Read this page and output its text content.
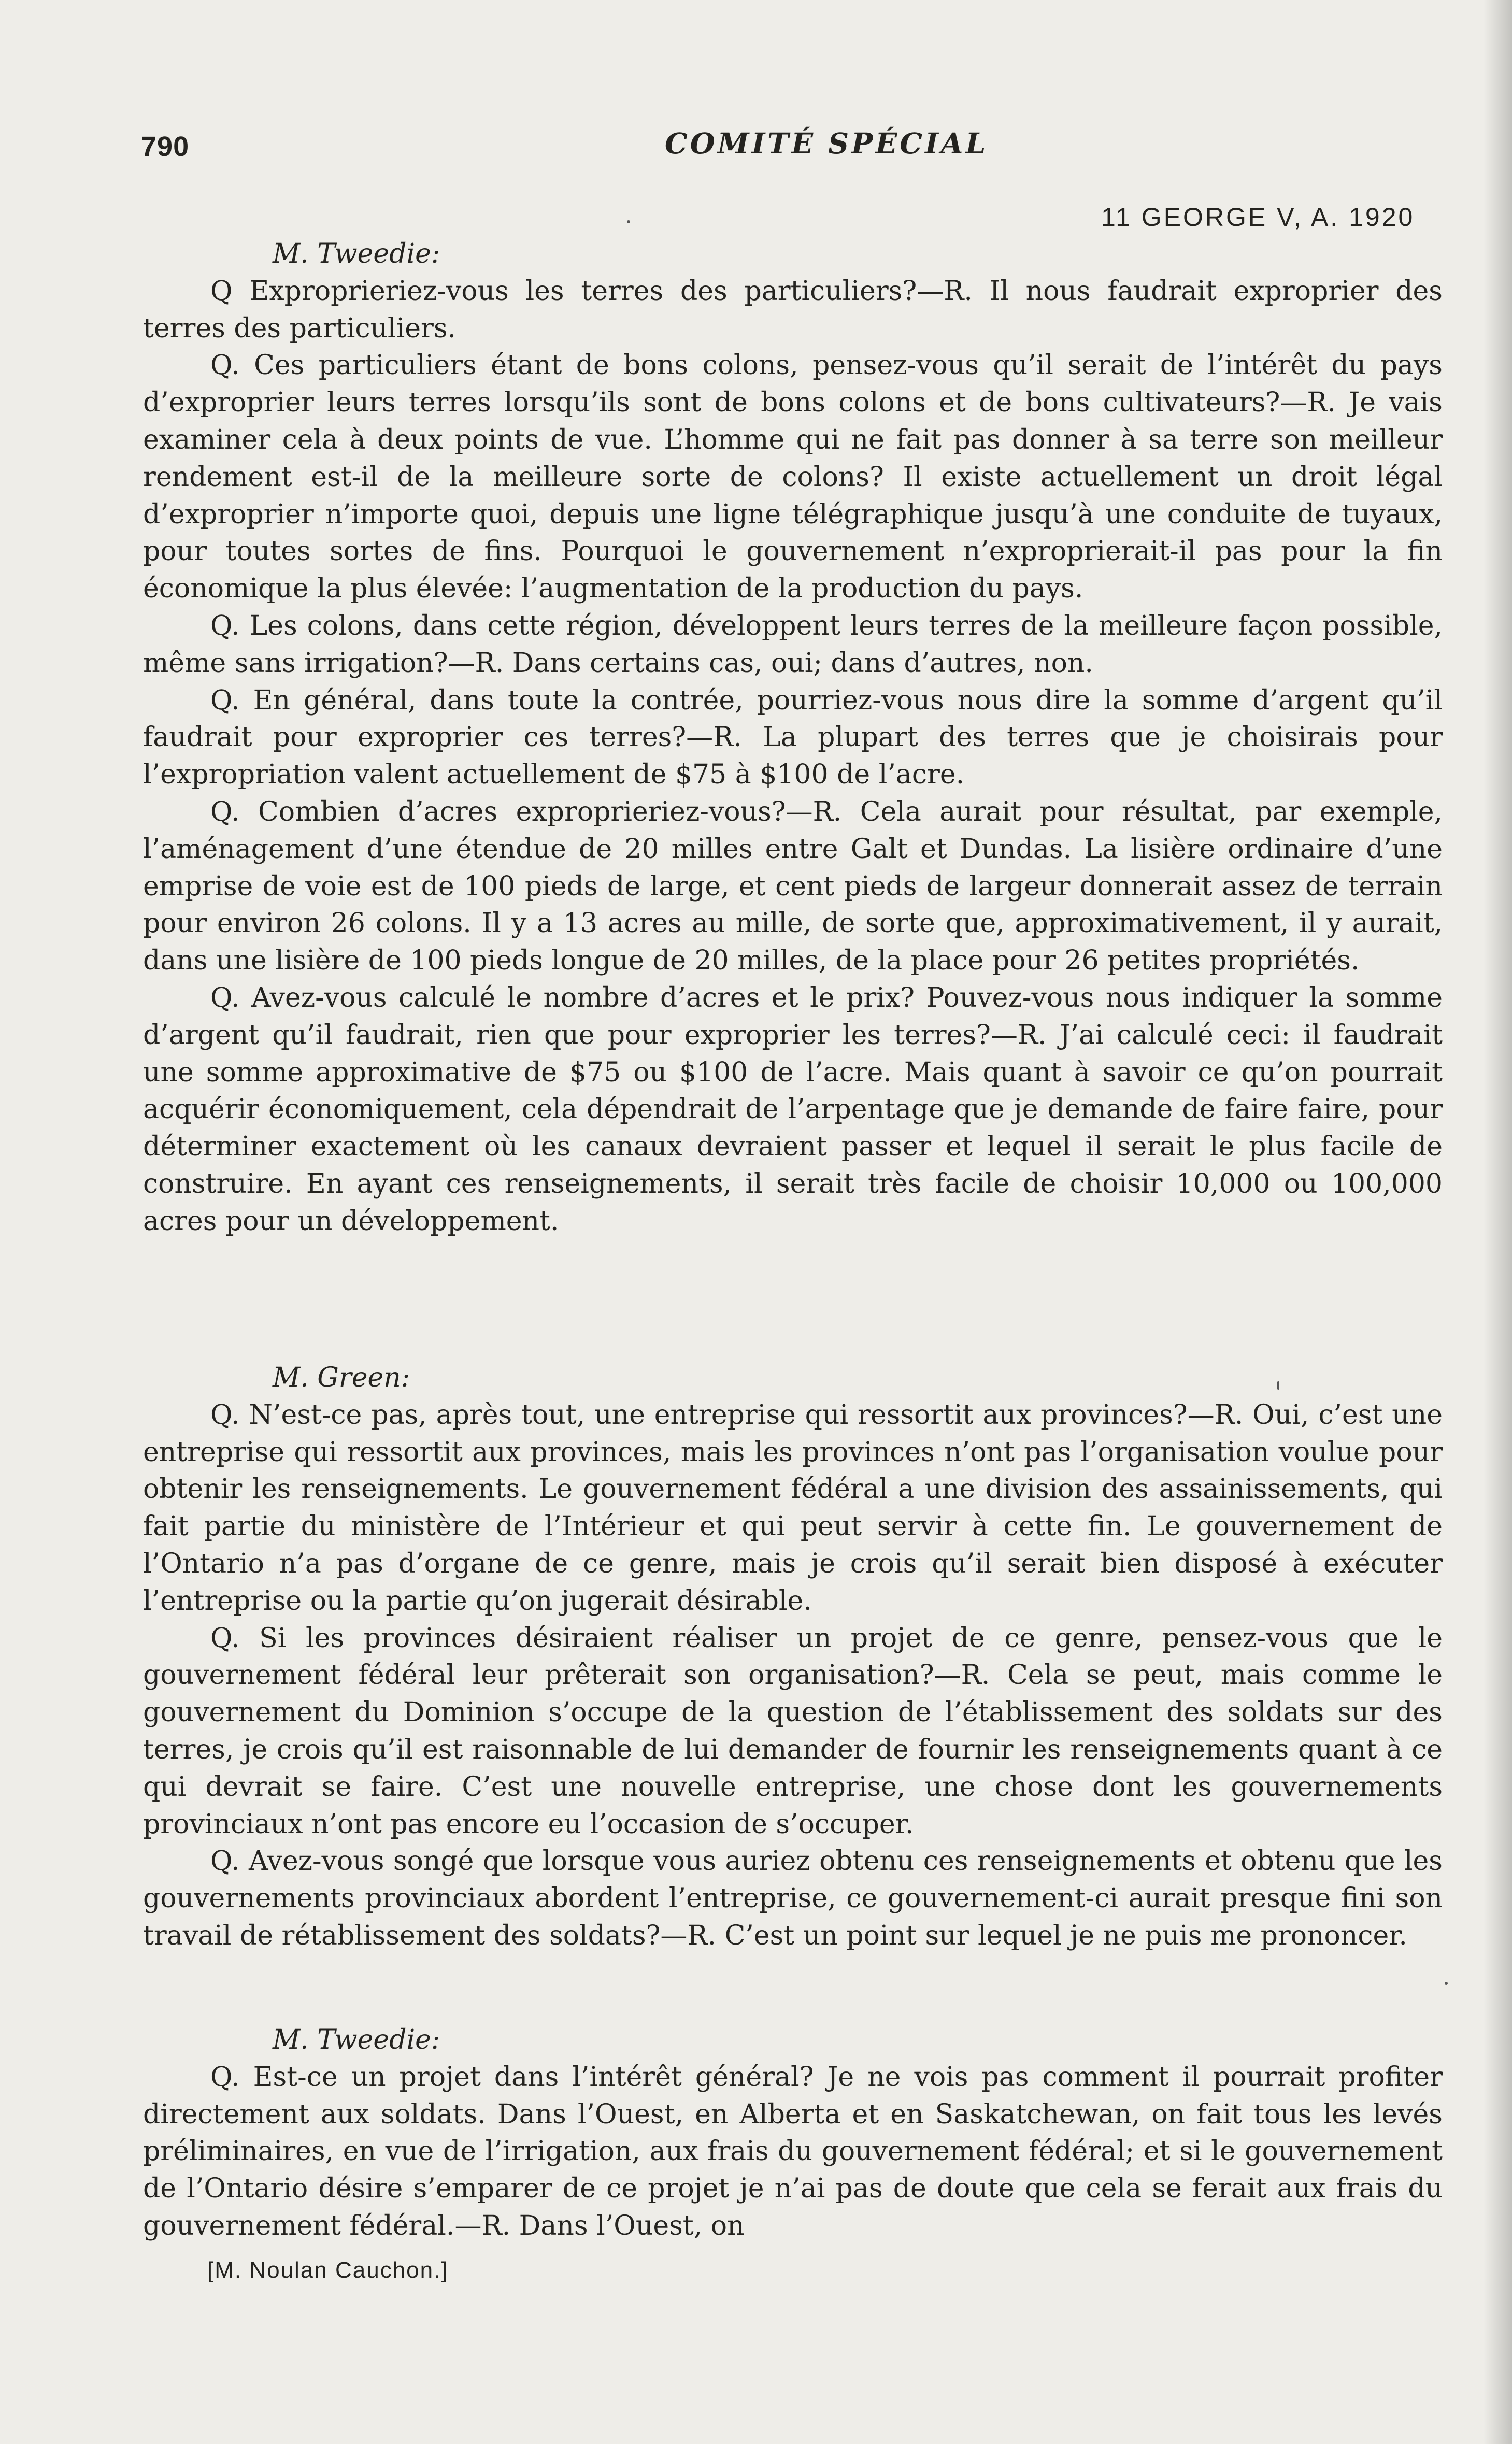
790	COMITÉ SPÉCIAL
11 GEORGE V, A. 1920

M. Tweedie:

Q Exproprieriez-vous les terres des particuliers?—R. Il nous faudrait exproprier des terres des particuliers.

Q. Ces particuliers étant de bons colons, pensez-vous qu’il serait de l’intérêt du pays d’exproprier leurs terres lorsqu’ils sont de bons colons et de bons cultivateurs?—R. Je vais examiner cela à deux points de vue. L’homme qui ne fait pas donner à sa terre son meilleur rendement est-il de la meilleure sorte de colons? Il existe actuellement un droit légal d’exproprier n’importe quoi, depuis une ligne télégraphique jusqu’à une conduite de tuyaux, pour toutes sortes de fins. Pourquoi le gouvernement n’exproprierait-il pas pour la fin économique la plus élevée: l’augmentation de la production du pays.

Q. Les colons, dans cette région, développent leurs terres de la meilleure façon possible, même sans irrigation?—R. Dans certains cas, oui; dans d’autres, non.

Q. En général, dans toute la contrée, pourriez-vous nous dire la somme d’argent qu’il faudrait pour exproprier ces terres?—R. La plupart des terres que je choisirais pour l’expropriation valent actuellement de $75 à $100 de l’acre.

Q. Combien d’acres exproprieriez-vous?—R. Cela aurait pour résultat, par exemple, l’aménagement d’une étendue de 20 milles entre Galt et Dundas. La lisière ordinaire d’une emprise de voie est de 100 pieds de large, et cent pieds de largeur donnerait assez de terrain pour environ 26 colons. Il y a 13 acres au mille, de sorte que, approximativement, il y aurait, dans une lisière de 100 pieds longue de 20 milles, de la place pour 26 petites propriétés.

Q. Avez-vous calculé le nombre d’acres et le prix? Pouvez-vous nous indiquer la somme d’argent qu’il faudrait, rien que pour exproprier les terres?—R. J’ai calculé ceci: il faudrait une somme approximative de $75 ou $100 de l’acre. Mais quant à savoir ce qu’on pourrait acquérir économiquement, cela dépendrait de l’arpentage que je demande de faire faire, pour déterminer exactement où les canaux devraient passer et lequel il serait le plus facile de construire. En ayant ces renseignements, il serait très facile de choisir 10,000 ou 100,000 acres pour un développement.

M. Green:

Q. N’est-ce pas, après tout, une entreprise qui ressortit aux provinces?—R. Oui, c’est une entreprise qui ressortit aux provinces, mais les provinces n’ont pas l’organisation voulue pour obtenir les renseignements. Le gouvernement fédéral a une division des assainissements, qui fait partie du ministère de l’Intérieur et qui peut servir à cette fin. Le gouvernement de l’Ontario n’a pas d’organe de ce genre, mais je crois qu’il serait bien disposé à exécuter l’entreprise ou la partie qu’on jugerait désirable.

Q. Si les provinces désiraient réaliser un projet de ce genre, pensez-vous que le gouvernement fédéral leur prêterait son organisation?—R. Cela se peut, mais comme le gouvernement du Dominion s’occupe de la question de l’établissement des soldats sur des terres, je crois qu’il est raisonnable de lui demander de fournir les renseignements quant à ce qui devrait se faire. C’est une nouvelle entreprise, une chose dont les gouvernements provinciaux n’ont pas encore eu l’occasion de s’occuper.

Q. Avez-vous songé que lorsque vous auriez obtenu ces renseignements et obtenu que les gouvernements provinciaux abordent l’entreprise, ce gouvernement-ci aurait presque fini son travail de rétablissement des soldats?—R. C’est un point sur lequel je ne puis me prononcer.

M. Tweedie:

Q. Est-ce un projet dans l’intérêt général? Je ne vois pas comment il pourrait profiter directement aux soldats. Dans l’Ouest, en Alberta et en Saskatchewan, on fait tous les levés préliminaires, en vue de l’irrigation, aux frais du gouvernement fédéral; et si le gouvernement de l’Ontario désire s’emparer de ce projet je n’ai pas de doute que cela se ferait aux frais du gouvernement fédéral.—R. Dans l’Ouest, on

[M. Noulan Cauchon.]
